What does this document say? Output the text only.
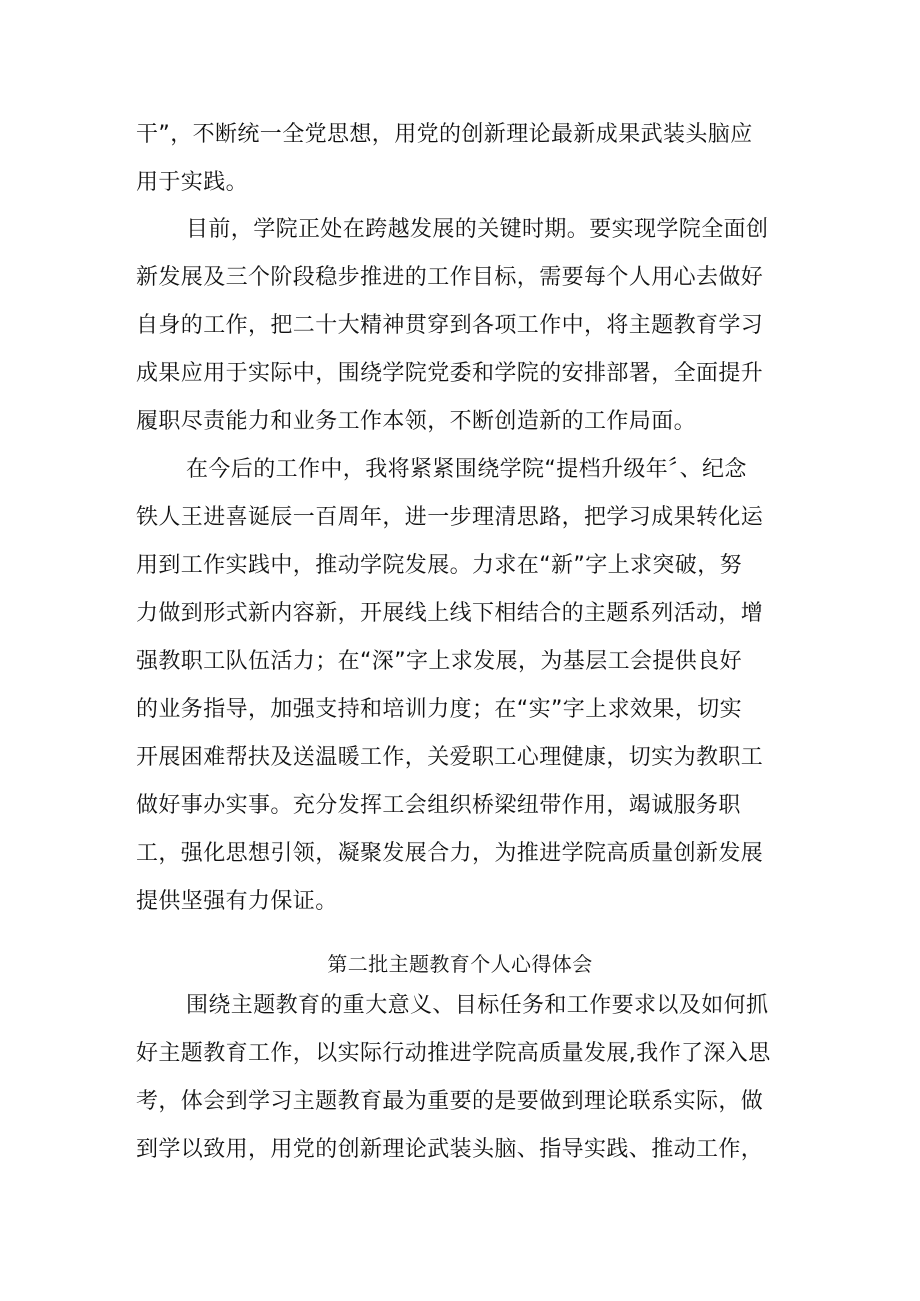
干”，不断统一全党思想，用党的创新理论最新成果武装头脑应
用于实践。
目前，学院正处在跨越发展的关键时期。要实现学院全面创
新发展及三个阶段稳步推进的工作目标，需要每个人用心去做好
自身的工作，把二十大精神贯穿到各项工作中，将主题教育学习
成果应用于实际中，围绕学院党委和学院的安排部署，全面提升
履职尽责能力和业务工作本领，不断创造新的工作局面。
在今后的工作中，我将紧紧围绕学院“提档升级年〞、纪念
铁人王进喜诞辰一百周年，进一步理清思路，把学习成果转化运
用到工作实践中，推动学院发展。力求在“新”字上求突破，努
力做到形式新内容新，开展线上线下相结合的主题系列活动，增
强教职工队伍活力；在“深”字上求发展，为基层工会提供良好
的业务指导，加强支持和培训力度；在“实”字上求效果，切实
开展困难帮扶及送温暖工作，关爱职工心理健康，切实为教职工
做好事办实事。充分发挥工会组织桥梁纽带作用，竭诚服务职
工，强化思想引领，凝聚发展合力，为推进学院高质量创新发展
提供坚强有力保证。
第二批主题教育个人心得体会
围绕主题教育的重大意义、目标任务和工作要求以及如何抓
好主题教育工作，以实际行动推进学院高质量发展,我作了深入思
考，体会到学习主题教育最为重要的是要做到理论联系实际，做
到学以致用，用党的创新理论武装头脑、指导实践、推动工作，
